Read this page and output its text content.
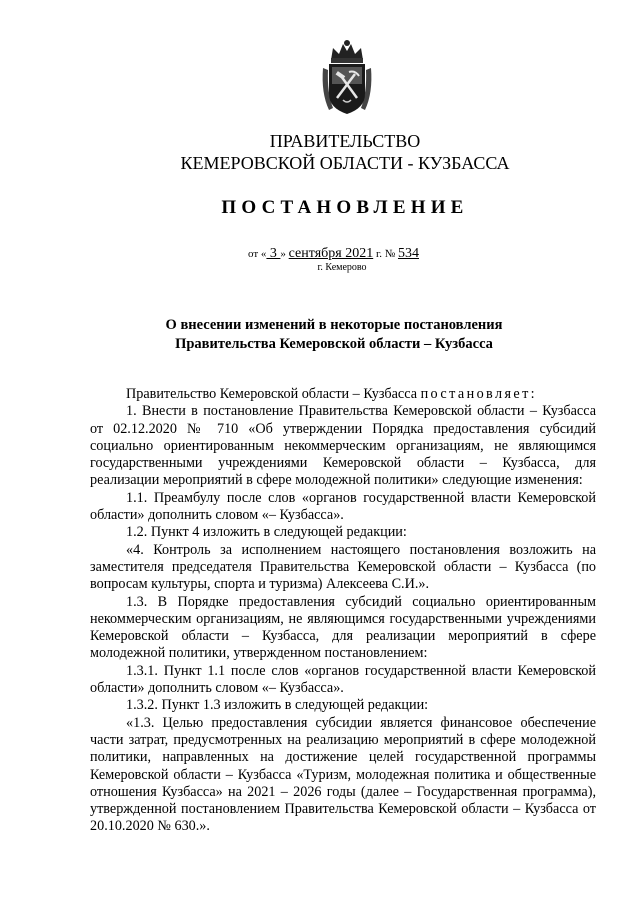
ПРАВИТЕЛЬСТВО
КЕМЕРОВСКОЙ ОБЛАСТИ - КУЗБАССА
ПОСТАНОВЛЕНИЕ
от « 3 » сентября 2021 г. № 534
г. Кемерово
О внесении изменений в некоторые постановления
Правительства Кемеровской области – Кузбасса

Правительство Кемеровской области – Кузбасса постановляет:

1. Внести в постановление Правительства Кемеровской области – Кузбасса от 02.12.2020 № 710 «Об утверждении Порядка предоставления субсидий социально ориентированным некоммерческим организациям, не являющимся государственными учреждениями Кемеровской области – Кузбасса, для реализации мероприятий в сфере молодежной политики» следующие изменения:

1.1. Преамбулу после слов «органов государственной власти Кемеровской области» дополнить словом «– Кузбасса».

1.2. Пункт 4 изложить в следующей редакции:

«4. Контроль за исполнением настоящего постановления возложить на заместителя председателя Правительства Кемеровской области – Кузбасса (по вопросам культуры, спорта и туризма) Алексеева С.И.».

1.3. В Порядке предоставления субсидий социально ориентированным некоммерческим организациям, не являющимся государственными учреждениями Кемеровской области – Кузбасса, для реализации мероприятий в сфере молодежной политики, утвержденном постановлением:

1.3.1. Пункт 1.1 после слов «органов государственной власти Кемеровской области» дополнить словом «– Кузбасса».

1.3.2. Пункт 1.3 изложить в следующей редакции:

«1.3. Целью предоставления субсидии является финансовое обеспечение части затрат, предусмотренных на реализацию мероприятий в сфере молодежной политики, направленных на достижение целей государственной программы Кемеровской области – Кузбасса «Туризм, молодежная политика и общественные отношения Кузбасса» на 2021 – 2026 годы (далее – Государственная программа), утвержденной постановлением Правительства Кемеровской области – Кузбасса от 20.10.2020 № 630.».
